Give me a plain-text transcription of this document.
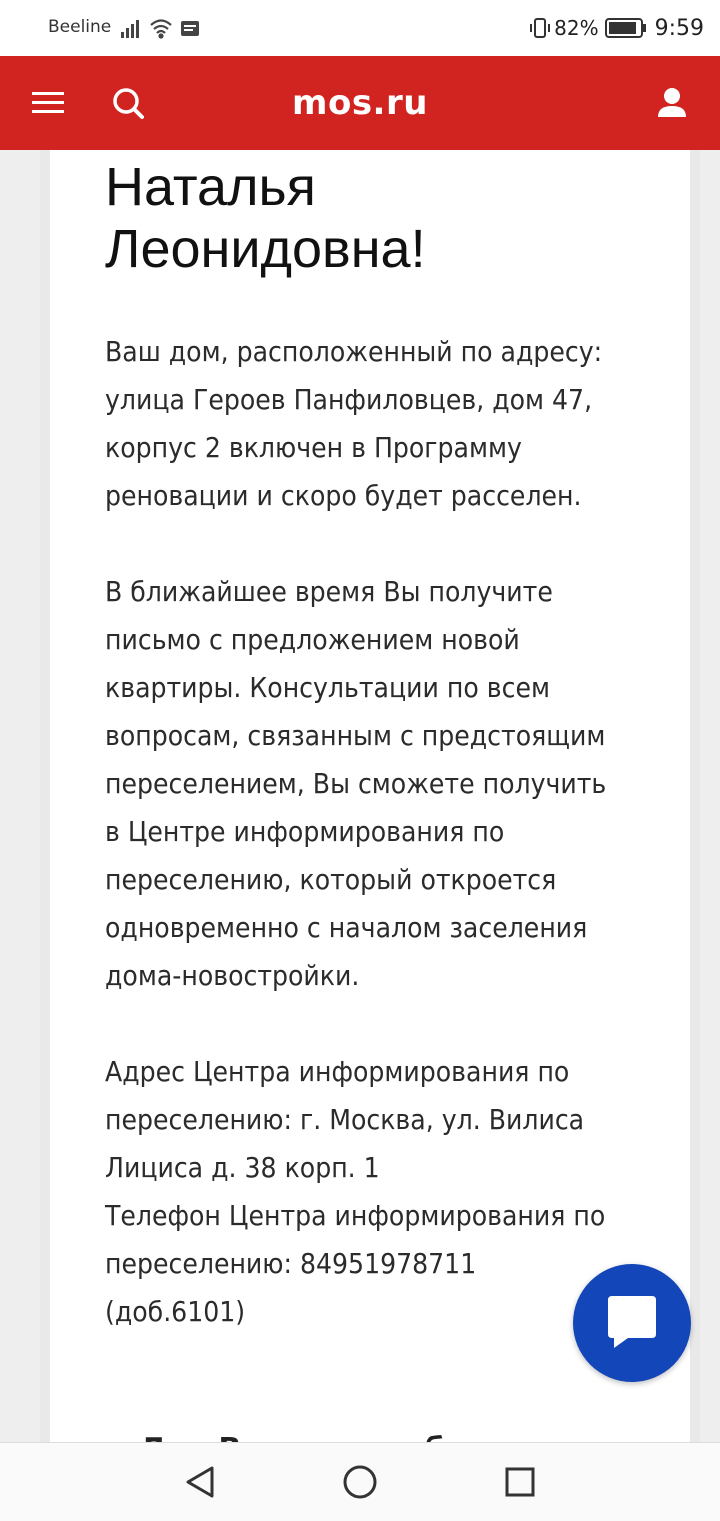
Beeline	82%	9:59
mos.ru
Наталья
Леонидовна!

Ваш дом, расположенный по адресу:
улица Героев Панфиловцев, дом 47,
корпус 2 включен в Программу
реновации и скоро будет расселен.

В ближайшее время Вы получите
письмо с предложением новой
квартиры. Консультации по всем
вопросам, связанным с предстоящим
переселением, Вы сможете получить
в Центре информирования по
переселению, который откроется
одновременно с началом заселения
дома-новостройки.

Адрес Центра информирования по
переселению: г. Москва, ул. Вилиса
Лициса д. 38 корп. 1
Телефон Центра информирования по
переселению: 84951978711
(доб.6101)
